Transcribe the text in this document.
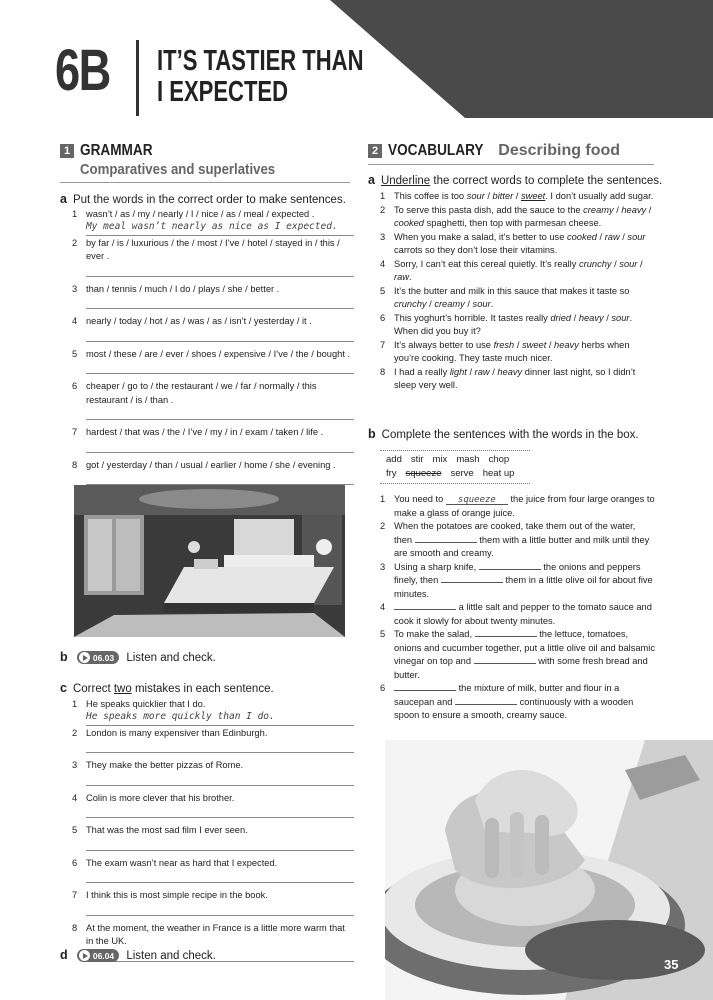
6B IT’S TASTIER THAN
I EXPECTED
1 GRAMMAR
Comparatives and superlatives
a Put the words in the correct order to make sentences.
1 wasn’t / as / my / nearly / I / nice / as / meal / expected .
My meal wasn’t nearly as nice as I expected.
2 by far / is / luxurious / the / most / I’ve / hotel / stayed in / this / ever .
3 than / tennis / much / I do / plays / she / better .
4 nearly / today / hot / as / was / as / isn’t / yesterday / it .
5 most / these / are / ever / shoes / expensive / I’ve / the / bought .
6 cheaper / go to / the restaurant / we / far / normally / this restaurant / is / than .
7 hardest / that was / the / I’ve / my / in / exam / taken / life .
8 got / yesterday / than / usual / earlier / home / she / evening .
b	06.03 Listen and check.
c Correct two mistakes in each sentence.
1 He speaks quicklier that I do.
He speaks more quickly than I do.
2 London is many expensiver than Edinburgh.
3 They make the better pizzas of Rome.
4 Colin is more clever that his brother.
5 That was the most sad film I ever seen.
6 The exam wasn’t near as hard that I expected.
7 I think this is most simple recipe in the book.
8 At the moment, the weather in France is a little more warm that in the UK.
d	06.04 Listen and check.
2 VOCABULARY Describing food
a Underline the correct words to complete the sentences.
1 This coffee is too sour / bitter / sweet. I don’t usually add sugar.
2 To serve this pasta dish, add the sauce to the creamy / heavy / cooked spaghetti, then top with parmesan cheese.
3 When you make a salad, it’s better to use cooked / raw / sour carrots so they don’t lose their vitamins.
4 Sorry, I can’t eat this cereal quietly. It’s really crunchy / sour / raw.
5 It’s the butter and milk in this sauce that makes it taste so crunchy / creamy / sour.
6 This yoghurt’s horrible. It tastes really dried / heavy / sour. When did you buy it?
7 It’s always better to use fresh / sweet / heavy herbs when you’re cooking. They taste much nicer.
8 I had a really light / raw / heavy dinner last night, so I didn’t sleep very well.
b Complete the sentences with the words in the box.
add stir mix mash chop
fry squeeze serve heat up
1 You need to	squeeze	the juice from four large oranges to make a glass of orange juice.
2 When the potatoes are cooked, take them out of the water, then	them with a little butter and milk until they are smooth and creamy.
3 Using a sharp knife,	the onions and peppers finely, then	them in a little olive oil for about five minutes.
4	a little salt and pepper to the tomato sauce and cook it slowly for about twenty minutes.
5 To make the salad,	the lettuce, tomatoes, onions and cucumber together, put a little olive oil and balsamic vinegar on top and	with some fresh bread and butter.
6	the mixture of milk, butter and flour in a saucepan and	continuously with a wooden spoon to ensure a smooth, creamy sauce.
35
